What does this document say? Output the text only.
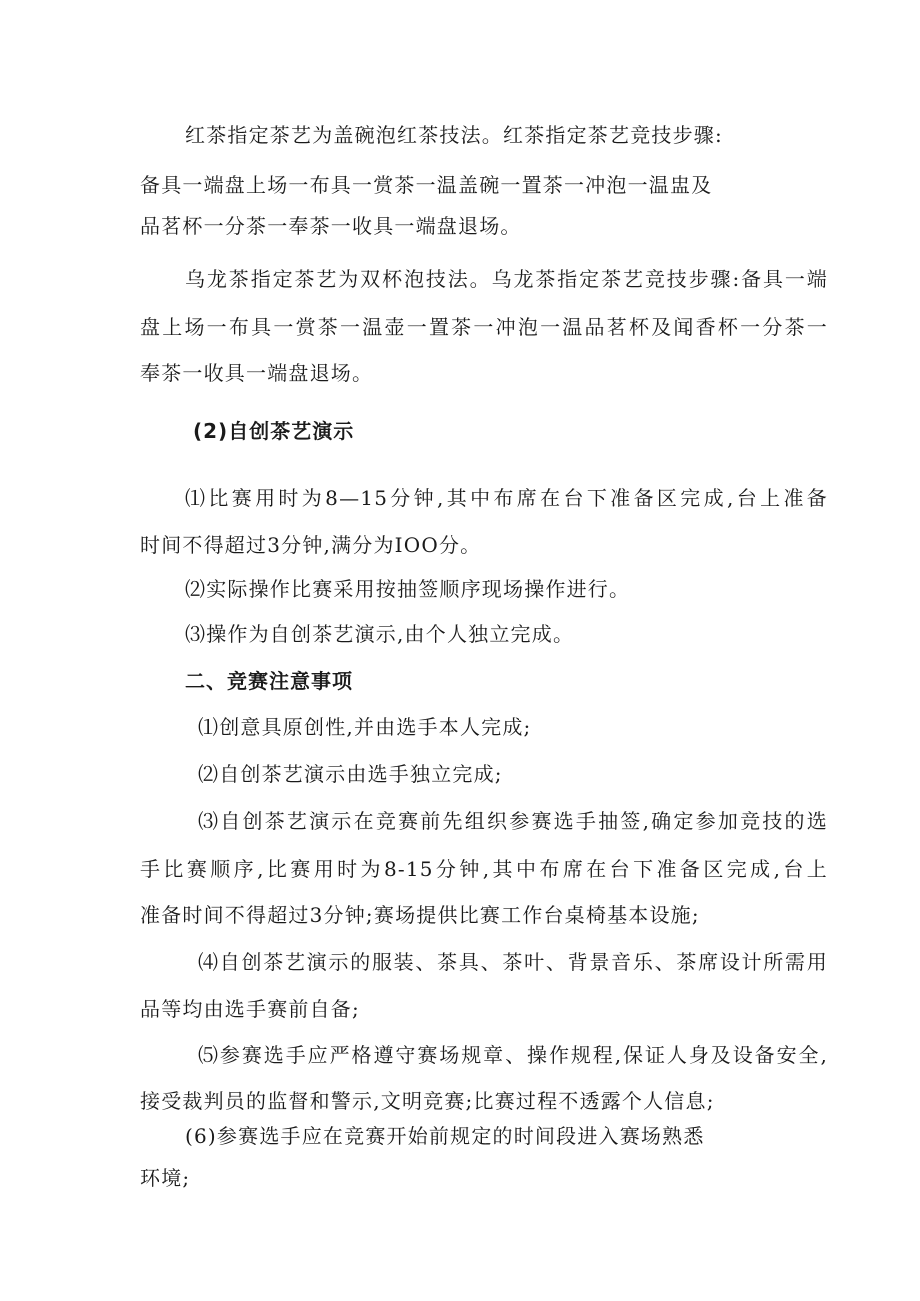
红茶指定茶艺为盖碗泡红茶技法。红茶指定茶艺竞技步骤:

备具一端盘上场一布具一赏茶一温盖碗一置茶一冲泡一温盅及

品茗杯一分茶一奉茶一收具一端盘退场。

乌龙茶指定茶艺为双杯泡技法。乌龙茶指定茶艺竞技步骤:备具一端

盘上场一布具一赏茶一温壶一置茶一冲泡一温品茗杯及闻香杯一分茶一

奉茶一收具一端盘退场。

(2)自创茶艺演示

⑴比赛用时为8—15分钟,其中布席在台下准备区完成,台上准备

时间不得超过3分钟,满分为IOO分。

⑵实际操作比赛采用按抽签顺序现场操作进行。

⑶操作为自创茶艺演示,由个人独立完成。

二、竞赛注意事项

⑴创意具原创性,并由选手本人完成;

⑵自创茶艺演示由选手独立完成;

⑶自创茶艺演示在竞赛前先组织参赛选手抽签,确定参加竞技的选

手比赛顺序,比赛用时为8-15分钟,其中布席在台下准备区完成,台上

准备时间不得超过3分钟;赛场提供比赛工作台桌椅基本设施;

⑷自创茶艺演示的服装、茶具、茶叶、背景音乐、茶席设计所需用

品等均由选手赛前自备;

⑸参赛选手应严格遵守赛场规章、操作规程,保证人身及设备安全,

接受裁判员的监督和警示,文明竞赛;比赛过程不透露个人信息;

(6)参赛选手应在竞赛开始前规定的时间段进入赛场熟悉

环境;
